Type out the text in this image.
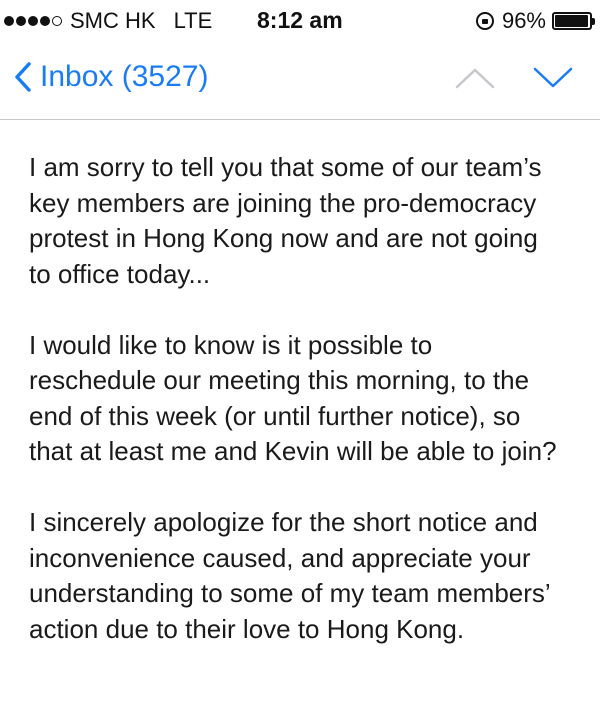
SMC HK LTE 8:12 am	96%
Inbox (3527)

I am sorry to tell you that some of our team’s
key members are joining the pro-democracy
protest in Hong Kong now and are not going
to office today...

I would like to know is it possible to
reschedule our meeting this morning, to the
end of this week (or until further notice), so
that at least me and Kevin will be able to join?

I sincerely apologize for the short notice and
inconvenience caused, and appreciate your
understanding to some of my team members’
action due to their love to Hong Kong.
